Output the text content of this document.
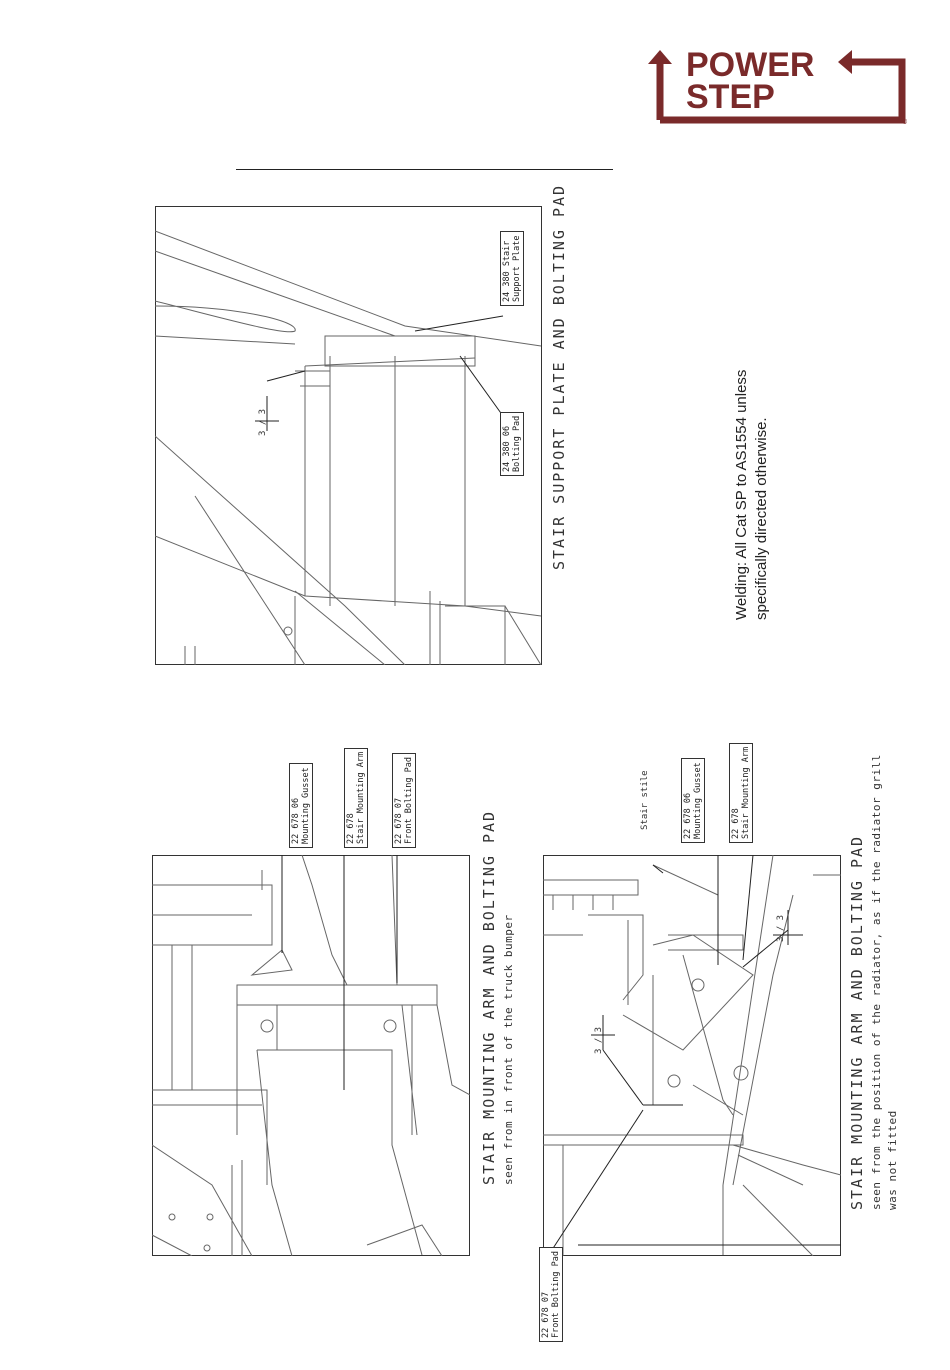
POWER
STEP
®
3 / 3
24 380 Stair
Support Plate
24 380 06
Bolting Pad STAIR SUPPORT PLATE AND BOLTING PAD	Welding: All Cat SP to AS1554 unless specifically directed otherwise.
22 678 06
Mounting Gusset
22 678
Stair Mounting Arm
22 678 07
Front Bolting Pad
STAIR MOUNTING ARM AND BOLTING PAD seen from in front of the truck bumper
Stair stile
22 678 06
Mounting Gusset
22 678
Stair Mounting Arm
22 678 07
Front Bolting Pad
3 / 3
3 / 3	STAIR MOUNTING ARM AND BOLTING PAD seen from the position of the radiator, as if the radiator grill was not fitted
